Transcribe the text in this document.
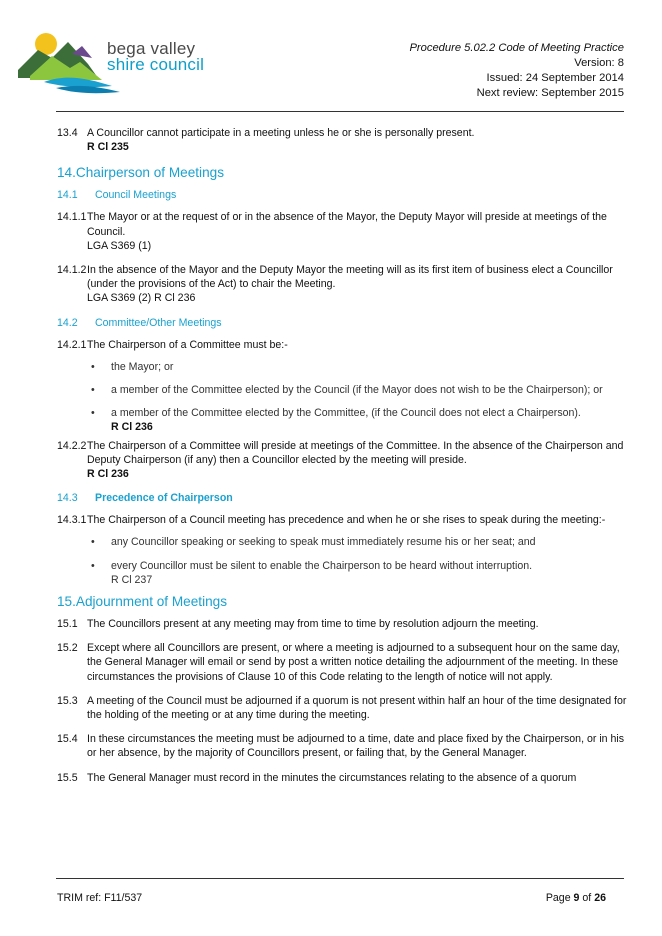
bega valley
shire council
Procedure 5.02.2 Code of Meeting Practice
Version: 8
Issued: 24 September 2014
Next review: September 2015
13.4 A Councillor cannot participate in a meeting unless he or she is personally present.
R Cl 235
14.Chairperson of Meetings
14.1 Council Meetings
14.1.1 The Mayor or at the request of or in the absence of the Mayor, the Deputy Mayor will preside at meetings of the Council.
LGA S369 (1)
14.1.2 In the absence of the Mayor and the Deputy Mayor the meeting will as its first item of business elect a Councillor (under the provisions of the Act) to chair the Meeting.
LGA S369 (2) R Cl 236
14.2 Committee/Other Meetings
14.2.1 The Chairperson of a Committee must be:-
• the Mayor; or
• a member of the Committee elected by the Council (if the Mayor does not wish to be the Chairperson); or
• a member of the Committee elected by the Committee, (if the Council does not elect a Chairperson).
R Cl 236
14.2.2 The Chairperson of a Committee will preside at meetings of the Committee. In the absence of the Chairperson and Deputy Chairperson (if any) then a Councillor elected by the meeting will preside.
R Cl 236
14.3 Precedence of Chairperson
14.3.1 The Chairperson of a Council meeting has precedence and when he or she rises to speak during the meeting:-
• any Councillor speaking or seeking to speak must immediately resume his or her seat; and
• every Councillor must be silent to enable the Chairperson to be heard without interruption.
R Cl 237
15.Adjournment of Meetings
15.1 The Councillors present at any meeting may from time to time by resolution adjourn the meeting.
15.2 Except where all Councillors are present, or where a meeting is adjourned to a subsequent hour on the same day, the General Manager will email or send by post a written notice detailing the adjournment of the meeting. In these circumstances the provisions of Clause 10 of this Code relating to the length of notice will not apply.
15.3 A meeting of the Council must be adjourned if a quorum is not present within half an hour of the time designated for the holding of the meeting or at any time during the meeting.
15.4 In these circumstances the meeting must be adjourned to a time, date and place fixed by the Chairperson, or in his or her absence, by the majority of Councillors present, or failing that, by the General Manager.
15.5 The General Manager must record in the minutes the circumstances relating to the absence of a quorum
TRIM ref: F11/537	Page 9 of 26
